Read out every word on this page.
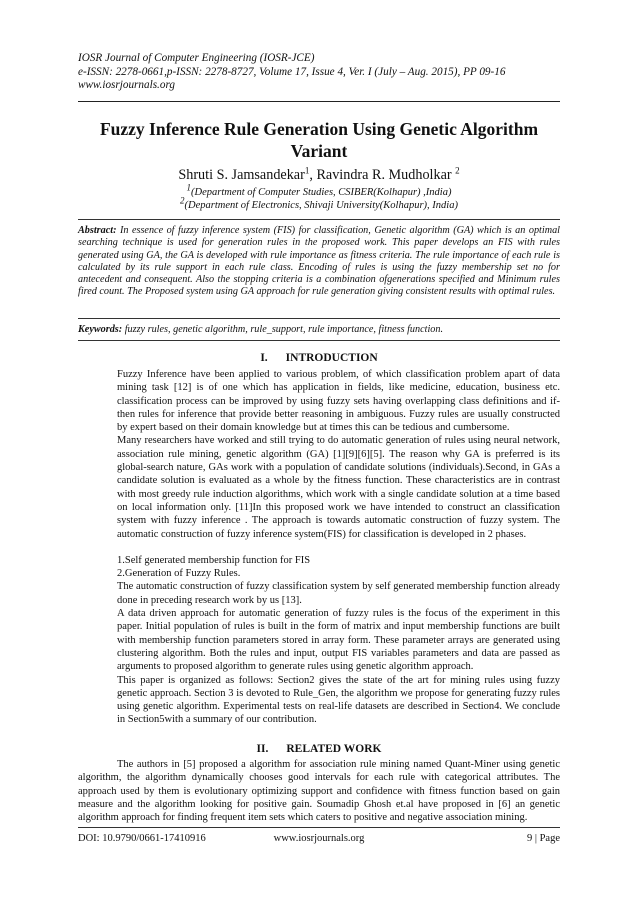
IOSR Journal of Computer Engineering (IOSR-JCE)
e-ISSN: 2278-0661,p-ISSN: 2278-8727, Volume 17, Issue 4, Ver. I (July – Aug. 2015), PP 09-16
www.iosrjournals.org
Fuzzy Inference Rule Generation Using Genetic Algorithm
Variant
Shruti S. Jamsandekar$^1$, Ravindra R. Mudholkar $^2$
$^1$(Department of Computer Studies, CSIBER(Kolhapur) ,India)
$^2$(Department of Electronics, Shivaji University(Kolhapur), India)
Abstract: In essence of fuzzy inference system (FIS) for classification, Genetic algorithm (GA) which is an optimal searching technique is used for generation rules in the proposed work. This paper develops an FIS with rules generated using GA, the GA is developed with rule importance as fitness criteria. The rule importance of each rule is calculated by its rule support in each rule class. Encoding of rules is using the fuzzy membership set no for antecedent and consequent. Also the stopping criteria is a combination ofgenerations specified and Minimum rules fired count. The Proposed system using GA approach for rule generation giving consistent results with optimal rules.
Keywords: fuzzy rules, genetic algorithm, rule_support, rule importance, fitness function.
I. INTRODUCTION

Fuzzy Inference have been applied to various problem, of which classification problem apart of data mining task [12] is of one which has application in fields, like medicine, education, business etc. classification process can be improved by using fuzzy sets having overlapping class definitions and if-then rules for inference that provide better reasoning in ambiguous. Fuzzy rules are usually constructed by expert based on their domain knowledge but at times this can be tedious and cumbersome.

Many researchers have worked and still trying to do automatic generation of rules using neural network, association rule mining, genetic algorithm (GA) [1][9][6][5]. The reason why GA is preferred is its global-search nature, GAs work with a population of candidate solutions (individuals).Second, in GAs a candidate solution is evaluated as a whole by the fitness function. These characteristics are in contrast with most greedy rule induction algorithms, which work with a single candidate solution at a time based on local information only. [11]In this proposed work we have intended to construct an classification system with fuzzy inference . The approach is towards automatic construction of fuzzy system. The automatic construction of fuzzy inference system(FIS) for classification is developed in 2 phases.

1.Self generated membership function for FIS

2.Generation of Fuzzy Rules.

The automatic construction of fuzzy classification system by self generated membership function already done in preceding research work by us [13].

A data driven approach for automatic generation of fuzzy rules is the focus of the experiment in this paper. Initial population of rules is built in the form of matrix and input membership functions are built with membership function parameters stored in array form. These parameter arrays are generated using clustering algorithm. Both the rules and input, output FIS variables parameters and data are passed as arguments to proposed algorithm to generate rules using genetic algorithm approach.

This paper is organized as follows: Section2 gives the state of the art for mining rules using fuzzy genetic approach. Section 3 is devoted to Rule_Gen, the algorithm we propose for generating fuzzy rules using genetic algorithm. Experimental tests on real-life datasets are described in Section4. We conclude in Section5with a summary of our contribution.

II. RELATED WORK

The authors in [5] proposed a algorithm for association rule mining named Quant-Miner using genetic algorithm, the algorithm dynamically chooses good intervals for each rule with categorical attributes. The approach used by them is evolutionary optimizing support and confidence with fitness function based on gain measure and the algorithm looking for positive gain. Soumadip Ghosh et.al have proposed in [6] an genetic algorithm approach for finding frequent item sets which caters to positive and negative association mining.

DOI: 10.9790/0661-17410916	www.iosrjournals.org	9 | Page
